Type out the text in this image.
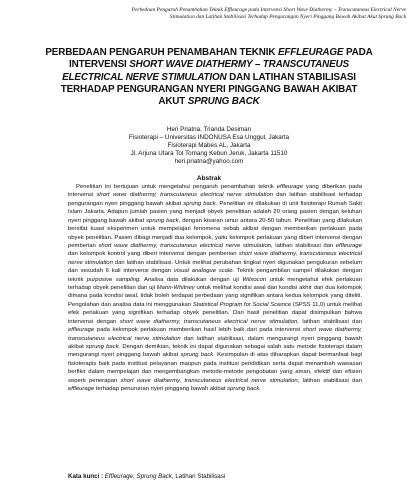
Perbedaan Pengaruh Penambahan Teknik Effleurage pada Intervensi Short Wave Diathermy – Transcutaneus Electrical Nerve
Stimulation dan Latihan Stabilisasi Terhadap Pengurangan Nyeri Pinggang Bawah Akibat Akut Sprung Back
PERBEDAAN PENGARUH PENAMBAHAN TEKNIK EFFLEURAGE PADA
INTERVENSI SHORT WAVE DIATHERMY – TRANSCUTANEUS
ELECTRICAL NERVE STIMULATION DAN LATIHAN STABILISASI
TERHADAP PENGURANGAN NYERI PINGGANG BAWAH AKIBAT
AKUT SPRUNG BACK
Heri Priatna, Trianda Desiman
Fisioterapi – Universitas INDONUSA Esa Unggul, Jakarta
Fisioterapi Mabes AL, Jakarta
Jl. Arjuna Utara Tol Tomang Kebun Jeruk, Jakarta 11510
heri.priatna@yahoo.com
Abstrak

Penelitian ini bertujuan untuk mengetahui pengaruh penambahan teknik effleurage yang diberikan pada intervensi short wave diathermy, transcutaneus electrical nerve stimulation dan latihan stabilisasi terhadap pengurangan nyeri pinggang bawah akibat sprung back. Penelitian ini dilakukan di unit fisioterapi Rumah Sakit Islam Jakarta. Adapun jumlah pasien yang menjadi obyek penelitian adalah 20 orang pasien dengan keluhan nyeri pinggang bawah akibat sprung back, dengan kisaran umur antara 20-50 tahun. Penelitian yang dilakukan bersifat kuasi eksperimen untuk mempelajari fenomena sebab akibat dengan memberikan perlakuan pada obyek penelitian. Pasien dibagi menjadi dua kelompok, yaitu kelompok perlakuan yang diberi intervensi dengan pemberian short wave diathermy, transcutaneus electrical nerve stimulation, latihan stabilisasi dan effleurage dan kelompok kontrol yang diberi intervensi dengan pemberian short wave diathermy, transcutaneus electrical nerve stimulation dan latihan stabilisasi. Untuk melihat perubahan tingkat nyeri digunakan pengukuran sebelum dan sesudah 6 kali intervensi dengan visual analogue scale. Teknik pengambilan sampel dilakukan dengan teknik purposive sampling. Analisa data dilakukan dengan uji Wilxocon untuk mengetahui efek perlakuan terhadap obyek penelitian dan uji Mann-Whitney untuk melihat kondisi awal dan kondisi akhir dari dua kelompok dimana pada kondisi awal, tidak boleh terdapat perbedaan yang signifikan antara kedua kelompok yang diteliti. Pengolahan dan analisa data ini menggunakan Statistical Program for Social Science (SPSS 11,0) untuk melihat efek perlakuan yang signifikan terhadap obyek penelitian. Dari hasil penelitian dapat disimpulkan bahwa intervensi dengan short wave diathermy, transcutaneus electrical nerve stimulation, latihan stabilisasi dan effleurage pada kelompok perlakuan memberikan hasil lebih baik dari pada intervensi short wave diathermy, transcutaneus electrical nerve stimulation dan latihan stabilisasi, dalam mengurangi nyeri pinggang bawah akibat sprung back. Dengan demikian, teknik ini dapat digunakan sebagai salah satu metode fisioterapi dalam mengurangi nyeri pinggang bawah akibat sprung back. Kesimpulan di atas diharapkan dapat bermanfaat bagi fisioterapis baik pada institusi pelayanan maupun pada institusi pendidikan serta dapat menambah wawasan berfikir dalam mempelajari dan mengembangkan metode-metode pengobatan yang aman, efektif dan efisien seperti penerapan short wave diathermy, transcutaneus electrical nerve stimulation, latihan stabilisasi dan effleurage terhadap penurunan nyeri pinggang bawah akibat sprung back.

Kata kunci : Effleurage, Sprung Back, Latihan Stabilisasi
